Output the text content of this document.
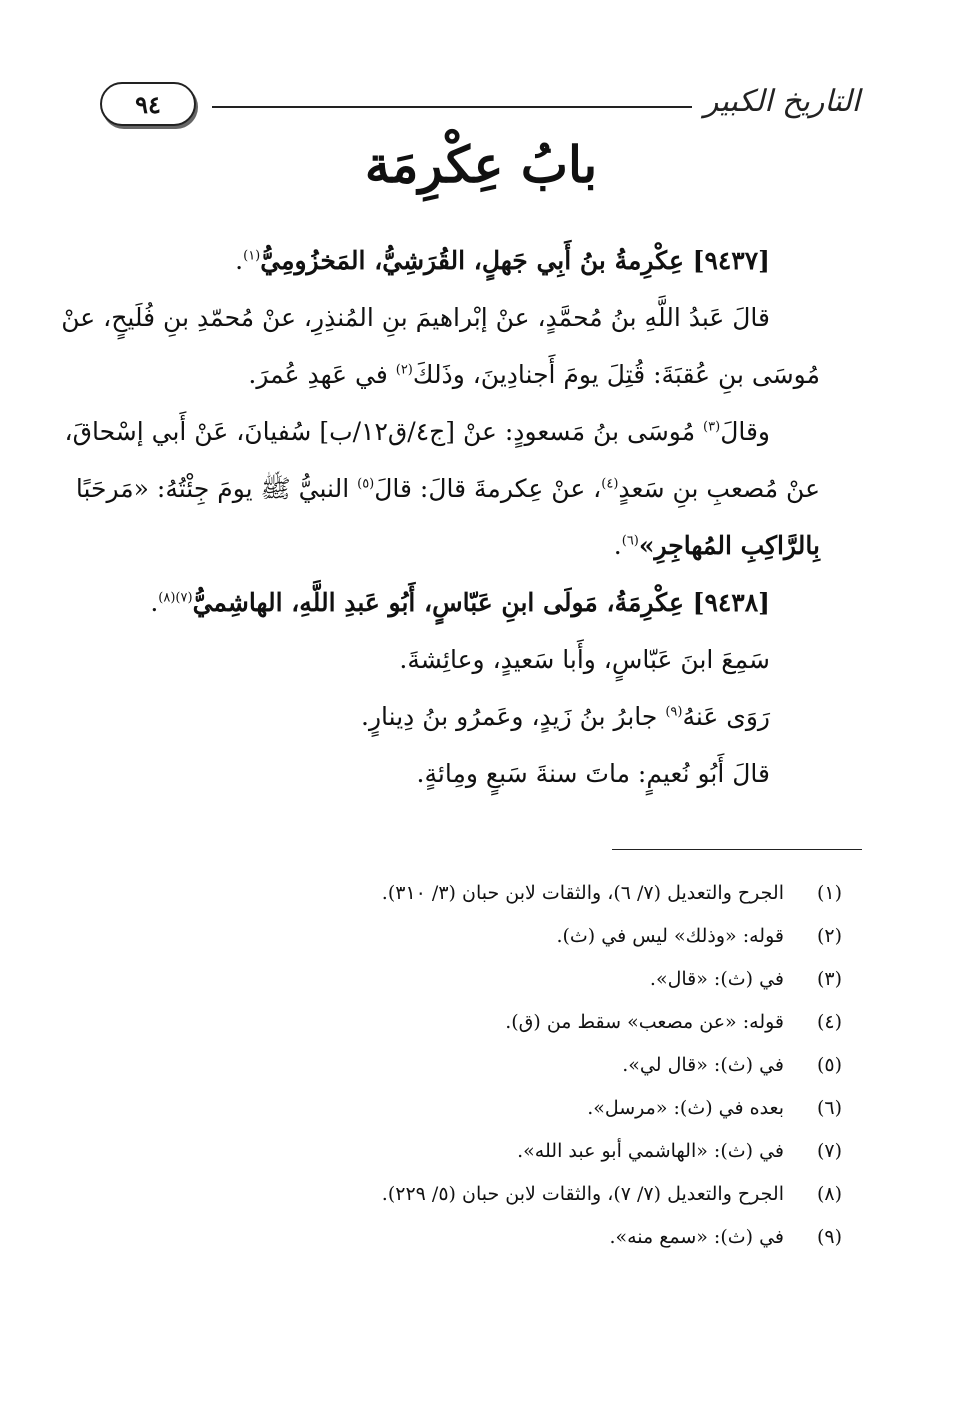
التاريخ الكبير
٩٤
بابُ عِكْرِمَة
[٩٤٣٧] عِكْرِمةُ بنُ أَبِي جَهلٍ، القُرَشِيُّ، المَخزُومِيُّ$^{(١)}$.
قالَ عَبدُ اللَّهِ بنُ مُحمَّدٍ، عنْ إبْراهيمَ بنِ المُنذِرِ، عنْ مُحمّدِ بنِ فُلَيحٍ، عنْ
مُوسَى بنِ عُقبَةَ: قُتِلَ يومَ أَجنادِينَ، وذَلكَ$^{(٢)}$ في عَهدِ عُمرَ.
وقالَ$^{(٣)}$ مُوسَى بنُ مَسعودٍ: عنْ [ج٤/ق١٢/ب] سُفيانَ، عَنْ أَبي إسْحاقَ،
عنْ مُصعبِ بنِ سَعدٍ$^{(٤)}$، عنْ عِكرمةَ قالَ: قالَ$^{(٥)}$ النبيُّ ﷺ يومَ جِئْتُهُ: «مَرحَبًا
بِالرَّاكِبِ المُهاجِرِ»$^{(٦)}$.
[٩٤٣٨] عِكْرِمَةُ، مَولَى ابنِ عَبّاسٍ، أَبُو عَبدِ اللَّهِ، الهاشِميُّ$^{(٧)(٨)}$.
سَمِعَ ابنَ عَبّاسٍ، وأَبا سَعيدٍ، وعائِشةَ.
رَوَى عَنهُ$^{(٩)}$ جابرُ بنُ زَيدٍ، وعَمرُو بنُ دِينارٍ.
قالَ أَبُو نُعيمٍ: ماتَ سنةَ سَبعٍ ومِائةٍ.
(١)الجرح والتعديل (٧/ ٦)، والثقات لابن حبان (٣/ ٣١٠).
(٢)قوله: «وذلك» ليس في (ث).
(٣)في (ث): «قال».
(٤)قوله: «عن مصعب» سقط من (ق).
(٥)في (ث): «قال لي».
(٦)بعده في (ث): «مرسل».
(٧)في (ث): «الهاشمي أبو عبد الله».
(٨)الجرح والتعديل (٧/ ٧)، والثقات لابن حبان (٥/ ٢٢٩).
(٩)في (ث): «سمع منه».
